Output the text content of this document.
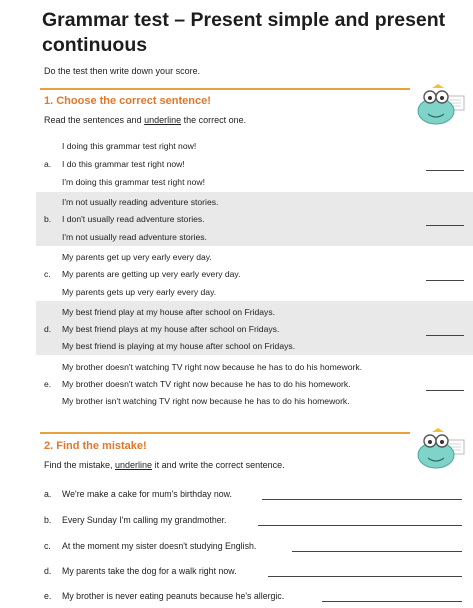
Grammar test – Present simple and present continuous
Do the test then write down your score.
1. Choose the correct sentence!
Read the sentences and underline the correct one.
I doing this grammar test right now!
a. I do this grammar test right now!
I'm doing this grammar test right now!
I'm not usually reading adventure stories.
b. I don't usually read adventure stories.
I'm not usually read adventure stories.
My parents get up very early every day.
c. My parents are getting up very early every day.
My parents gets up very early every day.
My best friend play at my house after school on Fridays.
d. My best friend plays at my house after school on Fridays.
My best friend is playing at my house after school on Fridays.
My brother doesn't watching TV right now because he has to do his homework.
e. My brother doesn't watch TV right now because he has to do his homework.
My brother isn't watching TV right now because he has to do his homework.
2. Find the mistake!
Find the mistake, underline it and write the correct sentence.
a. We're make a cake for mum's birthday now.
b. Every Sunday I'm calling my grandmother.
c. At the moment my sister doesn't studying English.
d. My parents take the dog for a walk right now.
e. My brother is never eating peanuts because he's allergic.
